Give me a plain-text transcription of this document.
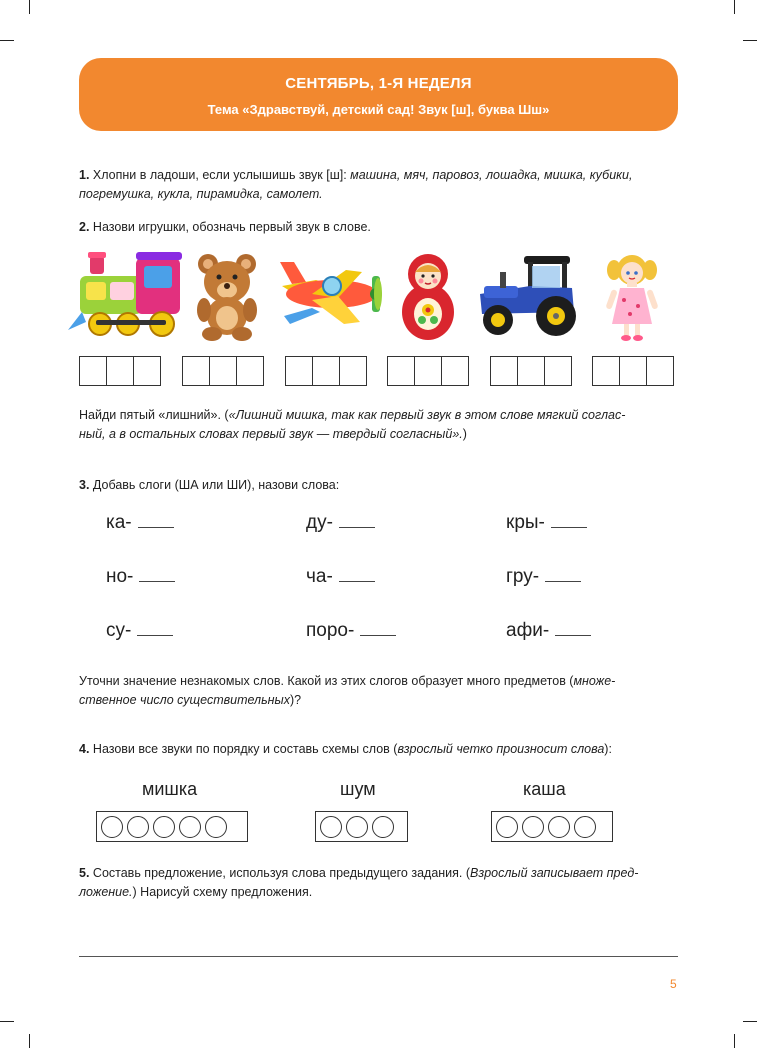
СЕНТЯБРЬ, 1-Я НЕДЕЛЯ
Тема «Здравствуй, детский сад! Звук [ш], буква Шш»
1. Хлопни в ладоши, если услышишь звук [ш]: машина, мяч, паровоз, лошадка, мишка, кубики,
погремушка, кукла, пирамидка, самолет.
2. Назови игрушки, обозначь первый звук в слове.
Найди пятый «лишний». («Лишний мишка, так как первый звук в этом слове мягкий соглас-
ный, а в остальных словах первый звук — твердый согласный».)
3. Добавь слоги (ША или ШИ), назови слова:
ка-	ду-	кры-
но-	ча-	гру-
су-	поро-	афи-
Уточни значение незнакомых слов. Какой из этих слогов образует много предметов (множе-
ственное число существительных)?
4. Назови все звуки по порядку и составь схемы слов (взрослый четко произносит слова):
мишка	шум	каша
5. Составь предложение, используя слова предыдущего задания. (Взрослый записывает пред-
ложение.) Нарисуй схему предложения.
5
